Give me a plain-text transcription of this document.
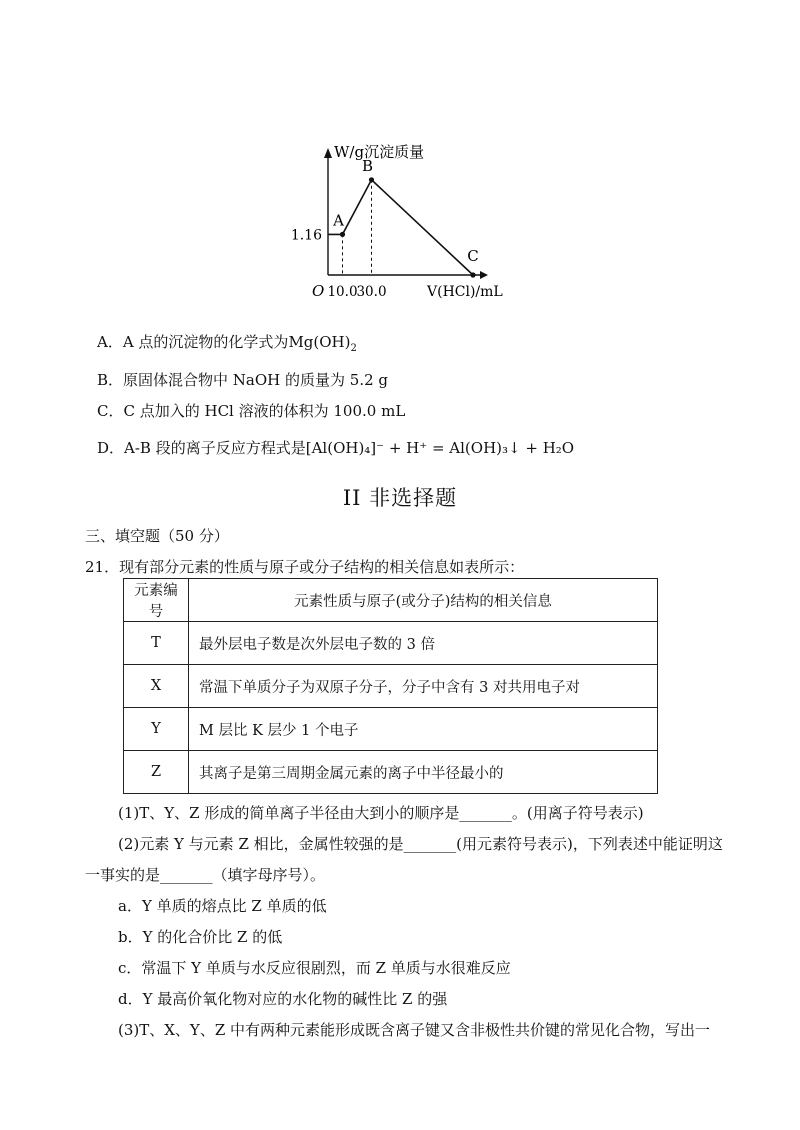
A
B
C
1.16
10.0
30.0
O	V(HCl)/mL
W/g沉淀质量
A．A 点的沉淀物的化学式为$Mg(OH)_2$
B．原固体混合物中 NaOH 的质量为 5.2 g
C．C 点加入的 HCl 溶液的体积为 100.0 mL
D．A-B 段的离子反应方程式是[Al(OH)₄]⁻ + H⁺ = Al(OH)₃↓ + H₂O
II 非选择题
三、填空题（50 分）
21．现有部分元素的性质与原子或分子结构的相关信息如表所示：
元素编号	元素性质与原子(或分子)结构的相关信息
T	最外层电子数是次外层电子数的 3 倍
X	常温下单质分子为双原子分子，分子中含有 3 对共用电子对
Y	M 层比 K 层少 1 个电子
Z	其离子是第三周期金属元素的离子中半径最小的
(1)T、Y、Z 形成的简单离子半径由大到小的顺序是_______。(用离子符号表示)
(2)元素 Y 与元素 Z 相比，金属性较强的是_______(用元素符号表示)，下列表述中能证明这
一事实的是_______（填字母序号）。
a．Y 单质的熔点比 Z 单质的低
b．Y 的化合价比 Z 的低
c．常温下 Y 单质与水反应很剧烈，而 Z 单质与水很难反应
d．Y 最高价氧化物对应的水化物的碱性比 Z 的强
(3)T、X、Y、Z 中有两种元素能形成既含离子键又含非极性共价键的常见化合物，写出一
